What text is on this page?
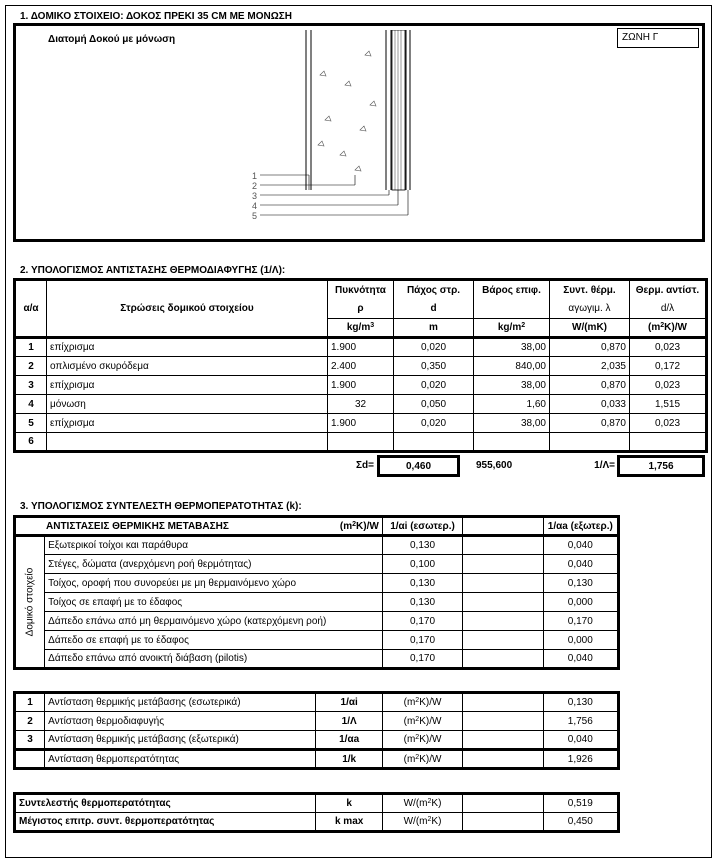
1. ΔΟΜΙΚΟ ΣΤΟΙΧΕΙΟ: ΔΟΚΟΣ ΠΡΕΚΙ 35 CM ΜΕ ΜΟΝΩΣΗ
Διατομή Δοκού με μόνωση	ΖΩΝΗ Γ
1
2
3
4
5
2. ΥΠΟΛΟΓΙΣΜΟΣ ΑΝΤΙΣΤΑΣΗΣ ΘΕΡΜΟΔΙΑΦΥΓΗΣ (1/Λ):
α/α	Στρώσεις δομικού στοιχείου	Πυκνότητα	Πάχος στρ.	Βάρος επιφ.	Συντ. θέρμ.	Θερμ. αντίστ.
		ρ	d		αγωγιμ. λ	d/λ
		$kg/m^3$	m	$kg/m^2$	W/(mK)	$(m^2K)/W$
1	επίχρισμα	1.900	0,020	38,00	0,870	0,023
2	οπλισμένο σκυρόδεμα	2.400	0,350	840,00	2,035	0,172
3	επίχρισμα	1.900	0,020	38,00	0,870	0,023
4	μόνωση	32	0,050	1,60	0,033	1,515
5	επίχρισμα	1.900	0,020	38,00	0,870	0,023
6						
Σd=	0,460	955,600	1/Λ=	1,756
3. ΥΠΟΛΟΓΙΣΜΟΣ ΣΥΝΤΕΛΕΣΤΗ ΘΕΡΜΟΠΕΡΑΤΟΤΗΤΑΣ (k):
ΑΝΤΙΣΤΑΣΕΙΣ ΘΕΡΜΙΚΗΣ ΜΕΤΑΒΑΣΗΣ $(m^2K)/W$		1/αi (εσωτερ.)		1/αa (εξωτερ.)

Δομικό στοιχείο	Εξωτερικοί τοίχοι και παράθυρα	0,130		0,040
	Στέγες, δώματα (ανερχόμενη ροή θερμότητας)	0,100		0,040
	Τοίχος, οροφή που συνορεύει με μη θερμαινόμενο χώρο	0,130		0,130
	Τοίχος σε επαφή με το έδαφος	0,130		0,000
	Δάπεδο επάνω από μη θερμαινόμενο χώρο (κατερχόμενη ροή)	0,170		0,170
	Δάπεδο σε επαφή με το έδαφος	0,170		0,000
	Δάπεδο επάνω από ανοικτή διάβαση (pilotis)	0,170		0,040
1	Αντίσταση θερμικής μετάβασης (εσωτερικά)	1/αi	$(m^2K)/W$		0,130
2	Αντίσταση θερμοδιαφυγής	1/Λ	$(m^2K)/W$		1,756
3	Αντίσταση θερμικής μετάβασης (εξωτερικά)	1/αa	$(m^2K)/W$		0,040
	Αντίσταση θερμοπερατότητας	1/k	$(m^2K)/W$		1,926
Συντελεστής θερμοπερατότητας	k	$W/(m^2K)$		0,519
Μέγιστος επιτρ. συντ. θερμοπερατότητας	k max	$W/(m^2K)$		0,450
